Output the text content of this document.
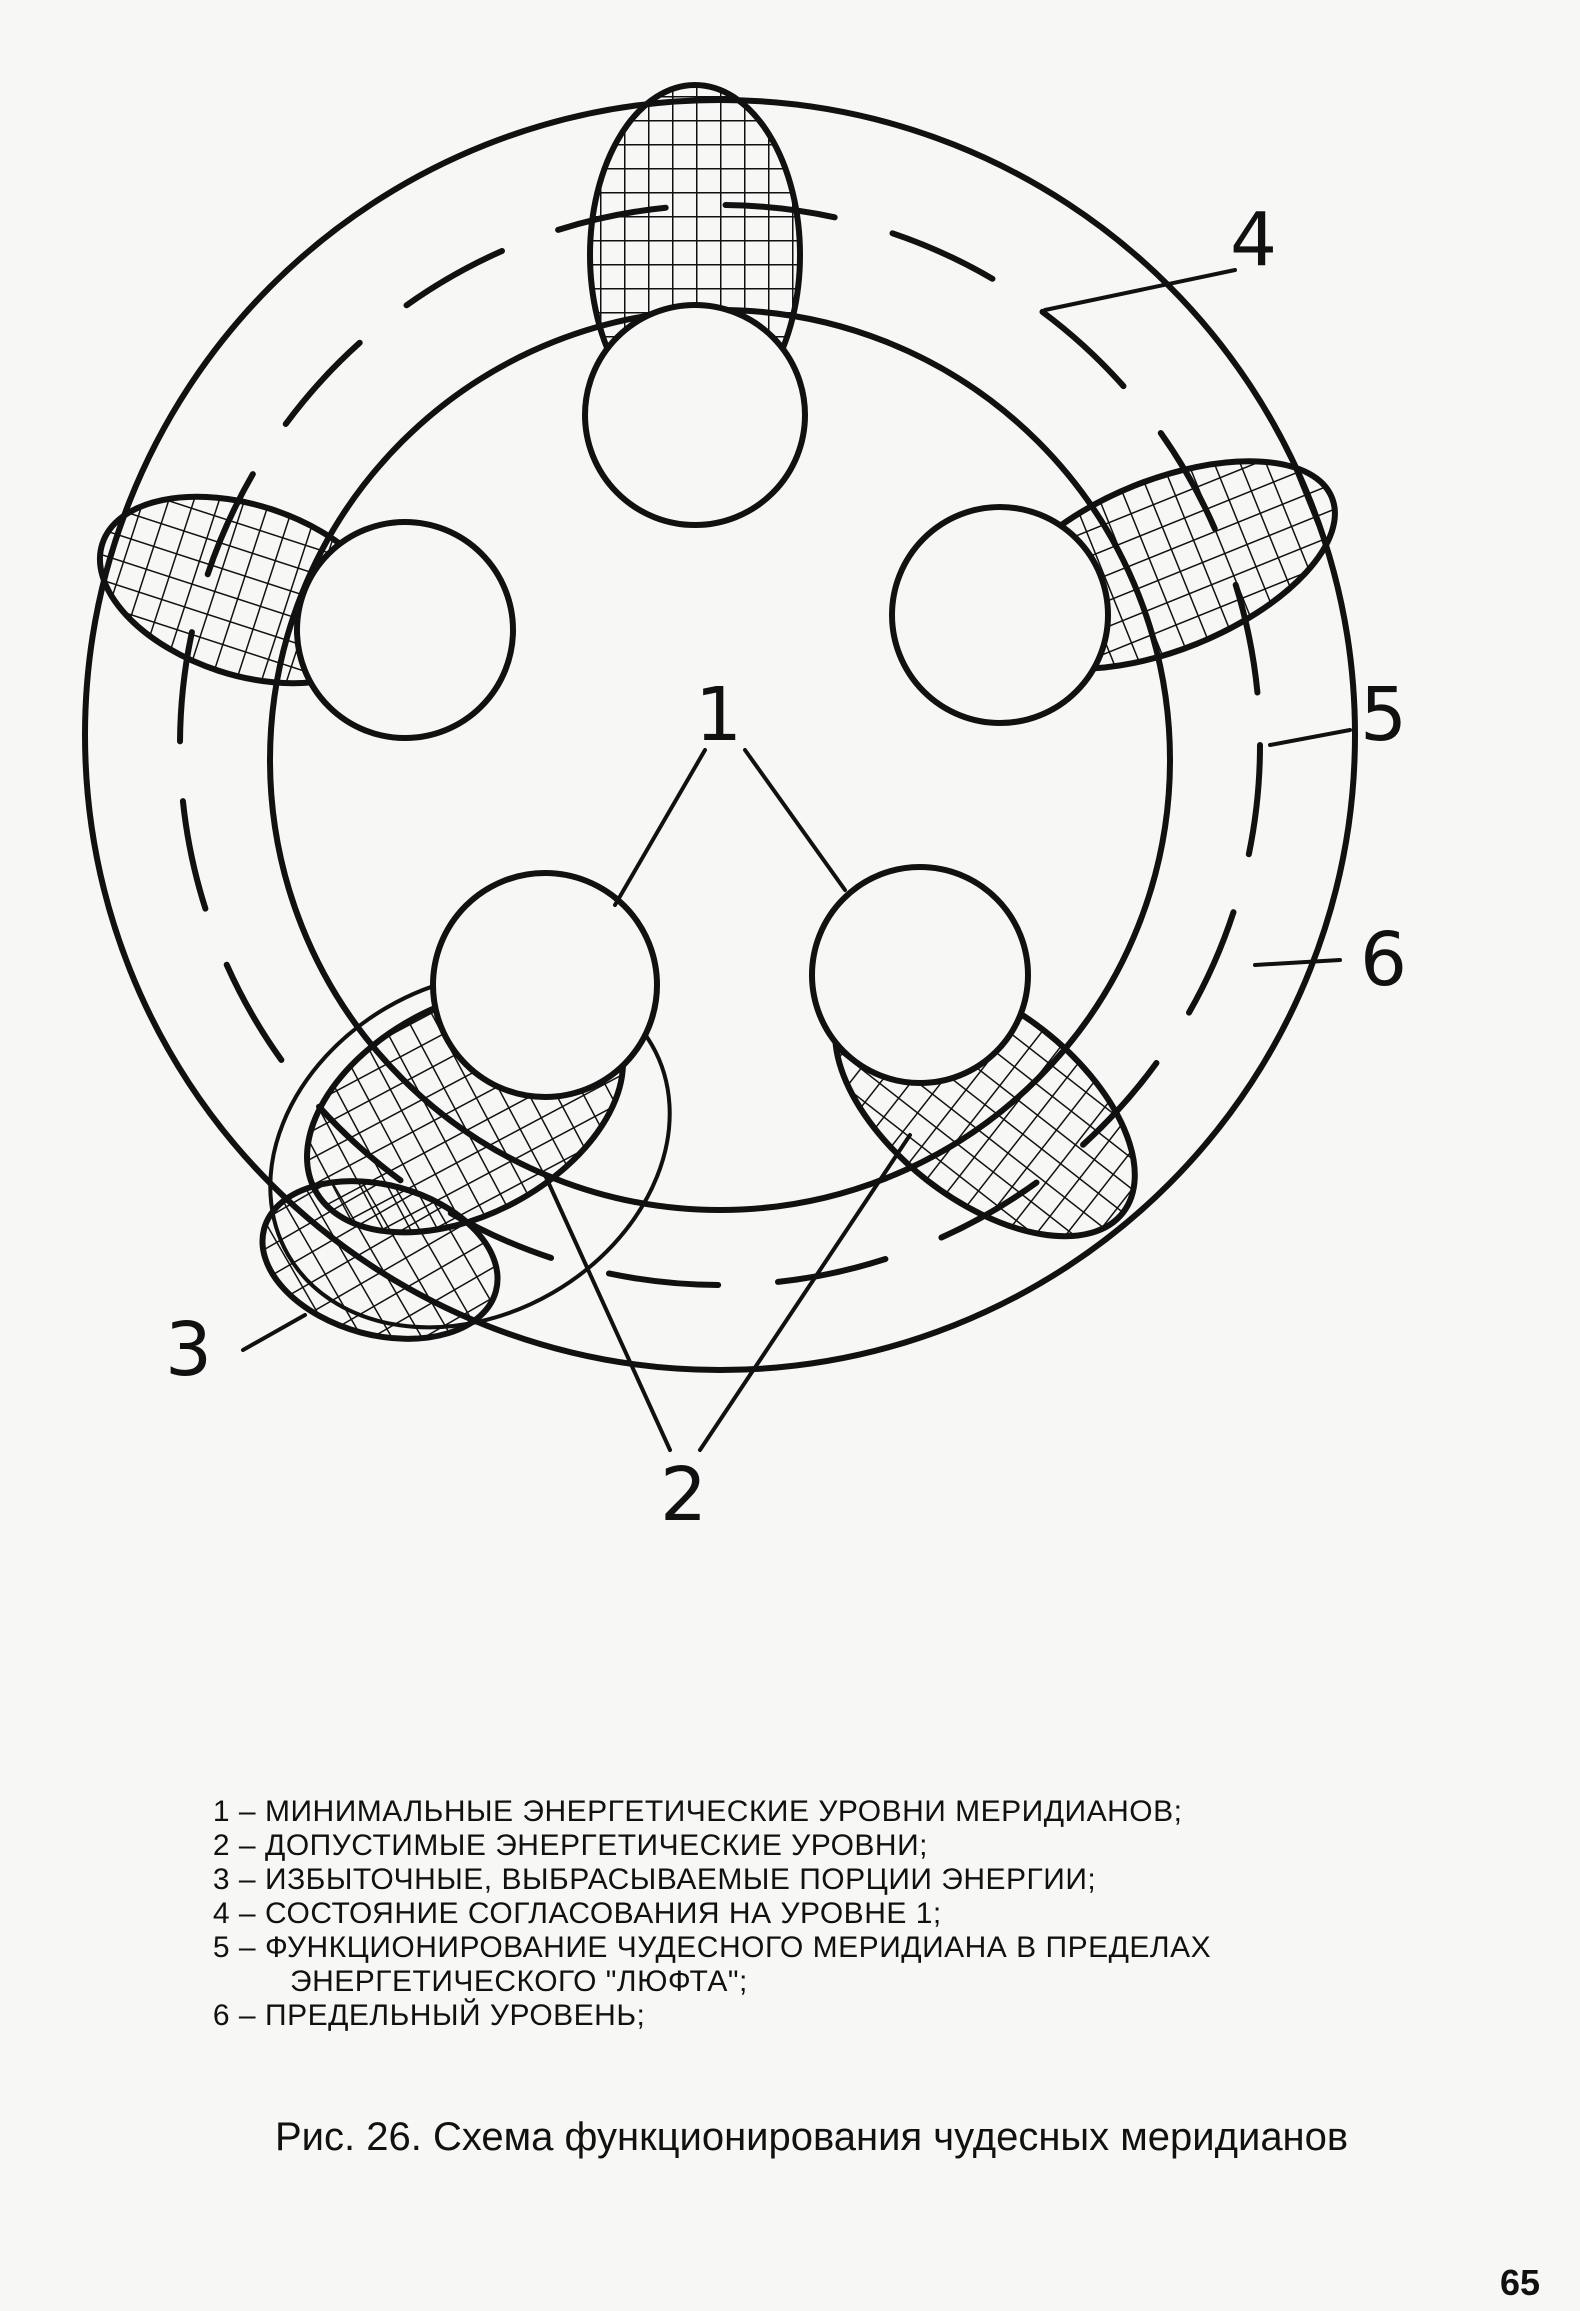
1
2
3
4
5
6
1 – МИНИМАЛЬНЫЕ ЭНЕРГЕТИЧЕСКИЕ УРОВНИ МЕРИДИАНОВ;
2 – ДОПУСТИМЫЕ ЭНЕРГЕТИЧЕСКИЕ УРОВНИ;
3 – ИЗБЫТОЧНЫЕ, ВЫБРАСЫВАЕМЫЕ ПОРЦИИ ЭНЕРГИИ;
4 – СОСТОЯНИЕ СОГЛАСОВАНИЯ НА УРОВНЕ 1;
5 – ФУНКЦИОНИРОВАНИЕ ЧУДЕСНОГО МЕРИДИАНА В ПРЕДЕЛАХ
ЭНЕРГЕТИЧЕСКОГО "ЛЮФТА";
6 – ПРЕДЕЛЬНЫЙ УРОВЕНЬ;
Рис. 26. Схема функционирования чудесных меридианов
65
